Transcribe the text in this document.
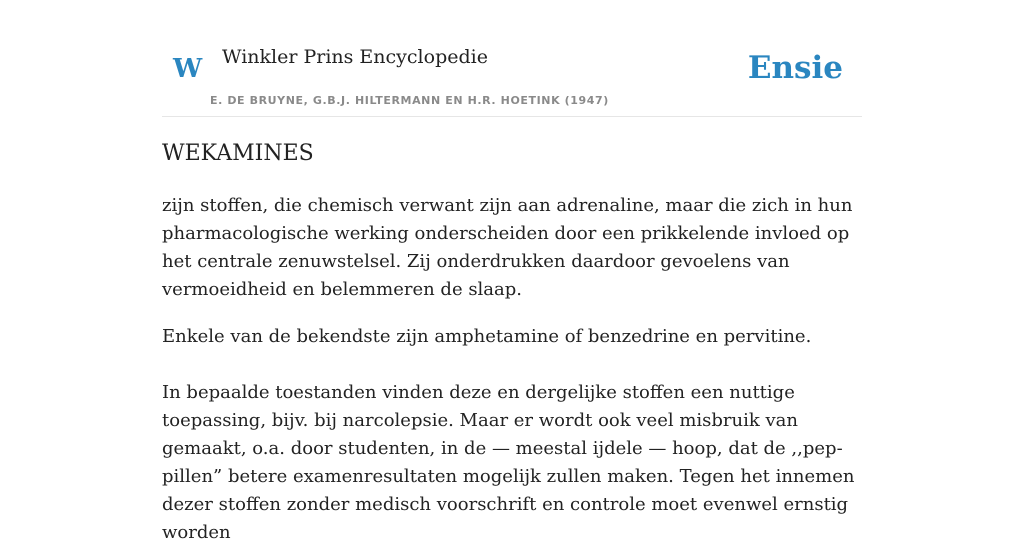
W Winkler Prins Encyclopedie
E. DE BRUYNE, G.B.J. HILTERMANN EN H.R. HOETINK (1947)
Ensie
WEKAMINES

zijn stoffen, die chemisch verwant zijn aan adrenaline, maar die zich in hun pharmacologische werking onderscheiden door een prikkelende invloed op het centrale zenuwstelsel. Zij onderdrukken daardoor gevoelens van vermoeidheid en belemmeren de slaap.

Enkele van de bekendste zijn amphetamine of benzedrine en pervitine.

In bepaalde toestanden vinden deze en dergelijke stoffen een nuttige toepassing, bijv. bij narcolepsie. Maar er wordt ook veel misbruik van gemaakt, o.a. door studenten, in de — meestal ijdele — hoop, dat de ,,pep-pillen” betere examenresultaten mogelijk zullen maken. Tegen het innemen dezer stoffen zonder medisch voorschrift en controle moet evenwel ernstig worden
